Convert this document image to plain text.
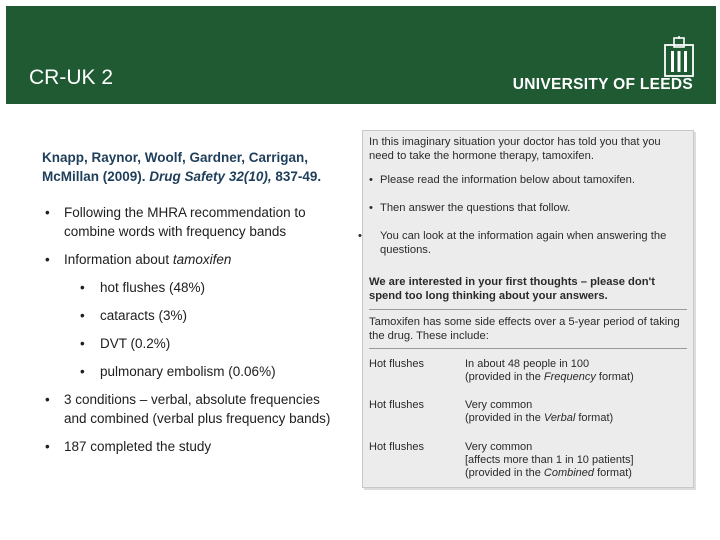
CR-UK 2	UNIVERSITY OF LEEDS
Knapp, Raynor, Woolf, Gardner, Carrigan, McMillan (2009). Drug Safety 32(10), 837-49.
• Following the MHRA recommendation to combine words with frequency bands
• Information about tamoxifen
• hot flushes (48%)
• cataracts (3%)
• DVT (0.2%)
• pulmonary embolism (0.06%)
• 3 conditions – verbal, absolute frequencies and combined (verbal plus frequency bands)
• 187 completed the study
In this imaginary situation your doctor has told you that you need to take the hormone therapy, tamoxifen.
• Please read the information below about tamoxifen.
• Then answer the questions that follow.
• You can look at the information again when answering the questions.
We are interested in your first thoughts – please don't spend too long thinking about your answers.
Tamoxifen has some side effects over a 5-year period of taking the drug. These include:
Hot flushes	In about 48 people in 100
(provided in the Frequency format)
Hot flushes	Very common
(provided in the Verbal format)
Hot flushes	Very common
[affects more than 1 in 10 patients]
(provided in the Combined format)
